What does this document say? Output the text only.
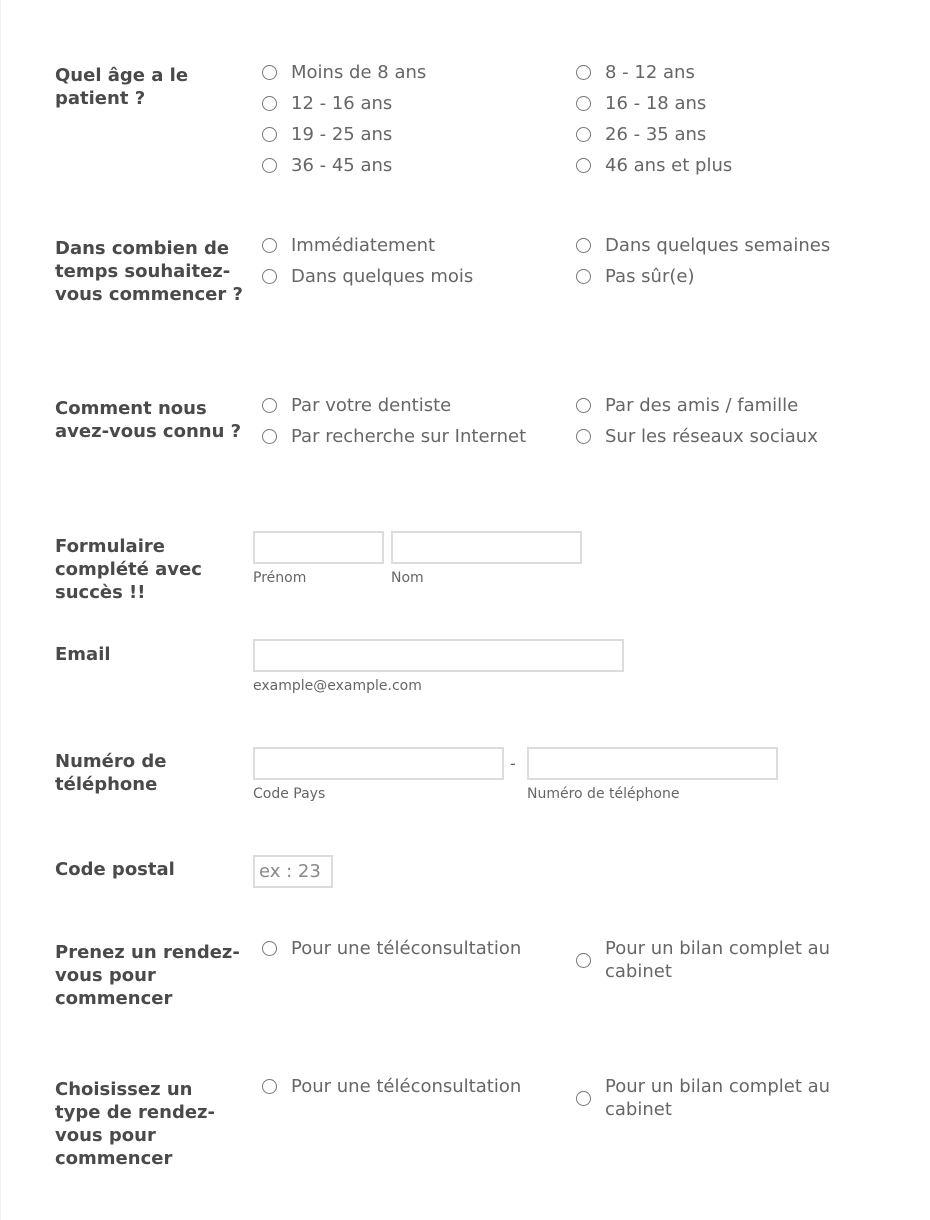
Quel âge a le patient ?
Moins de 8 ans	8 - 12 ans
12 - 16 ans	16 - 18 ans
19 - 25 ans	26 - 35 ans
36 - 45 ans	46 ans et plus
Dans combien de temps souhaitez-vous commencer ?
Immédiatement	Dans quelques semaines
Dans quelques mois	Pas sûr(e)
Comment nous avez-vous connu ?
Par votre dentiste	Par des amis / famille
Par recherche sur Internet	Sur les réseaux sociaux
Formulaire complété avec succès !!
Prénom	Nom
Email
example@example.com
Numéro de téléphone
-
Code Pays	Numéro de téléphone
Code postal	ex : 23
Prenez un rendez-vous pour commencer
Pour une téléconsultation	Pour un bilan complet au cabinet
Choisissez un type de rendez-vous pour commencer
Pour une téléconsultation	Pour un bilan complet au cabinet
